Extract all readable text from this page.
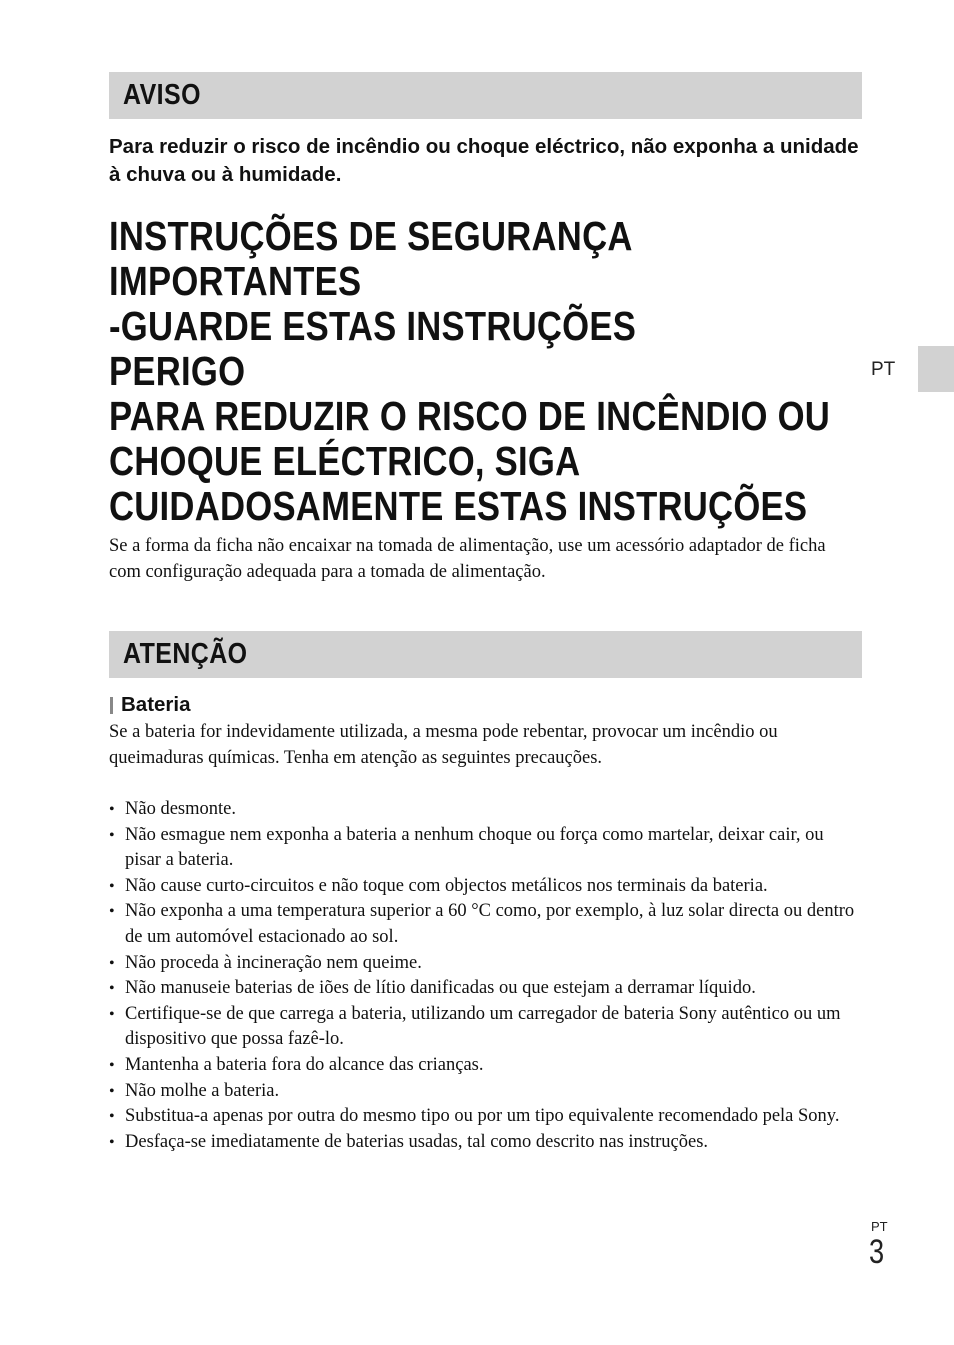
AVISO
Para reduzir o risco de incêndio ou choque eléctrico, não exponha a unidade à chuva ou à humidade.
INSTRUÇÕES DE SEGURANÇA
IMPORTANTES
-GUARDE ESTAS INSTRUÇÕES
PERIGO
PARA REDUZIR O RISCO DE INCÊNDIO OU
CHOQUE ELÉCTRICO, SIGA
CUIDADOSAMENTE ESTAS INSTRUÇÕES
Se a forma da ficha não encaixar na tomada de alimentação, use um acessório adaptador de ficha com configuração adequada para a tomada de alimentação.
ATENÇÃO
Bateria
Se a bateria for indevidamente utilizada, a mesma pode rebentar, provocar um incêndio ou queimaduras químicas. Tenha em atenção as seguintes precauções.
• Não desmonte.
• Não esmague nem exponha a bateria a nenhum choque ou força como martelar, deixar cair, ou pisar a bateria.
• Não cause curto-circuitos e não toque com objectos metálicos nos terminais da bateria.
• Não exponha a uma temperatura superior a 60 °C como, por exemplo, à luz solar directa ou dentro de um automóvel estacionado ao sol.
• Não proceda à incineração nem queime.
• Não manuseie baterias de iões de lítio danificadas ou que estejam a derramar líquido.
• Certifique-se de que carrega a bateria, utilizando um carregador de bateria Sony autêntico ou um dispositivo que possa fazê-lo.
• Mantenha a bateria fora do alcance das crianças.
• Não molhe a bateria.
• Substitua-a apenas por outra do mesmo tipo ou por um tipo equivalente recomendado pela Sony.
• Desfaça-se imediatamente de baterias usadas, tal como descrito nas instruções.
PT
PT
3
